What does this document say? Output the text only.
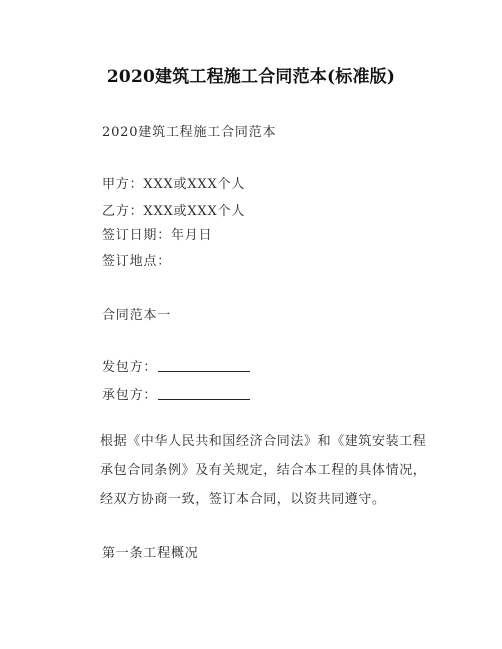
2020建筑工程施工合同范本(标准版)
2020建筑工程施工合同范本
甲方：XXX或XXX个人
乙方：XXX或XXX个人
签订日期：年月日
签订地点：
合同范本一
发包方：
承包方：
根据《中华人民共和国经济合同法》和《建筑安装工程承包合同条例》及有关规定，结合本工程的具体情况，经双方协商一致，签订本合同，以资共同遵守。
第一条工程概况
